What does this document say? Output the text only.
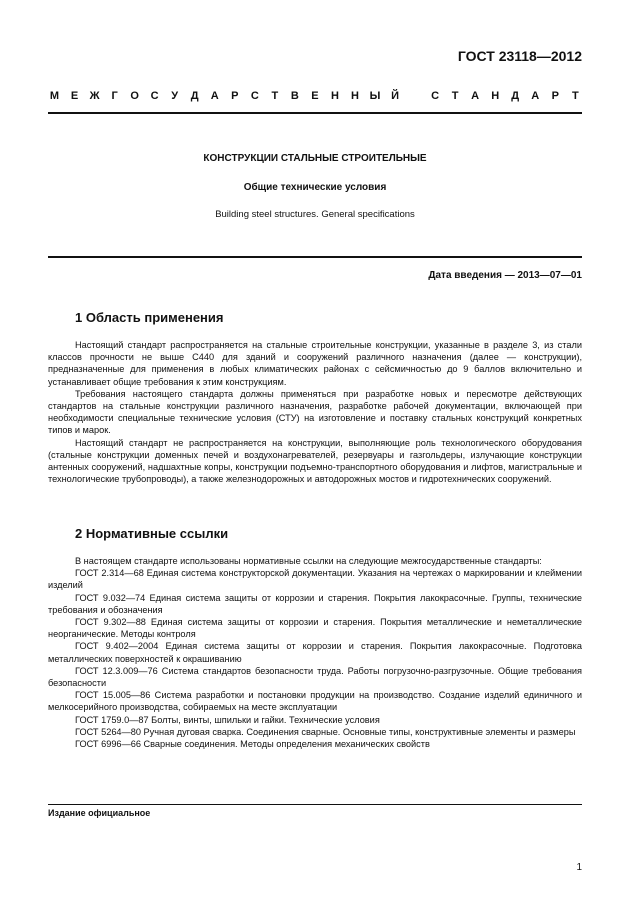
ГОСТ 23118—2012
М Е Ж	Г	О С У Д А Р С Т В Е Н Н Ы Й	С Т А Н Д А Р Т
КОНСТРУКЦИИ СТАЛЬНЫЕ СТРОИТЕЛЬНЫЕ
Общие технические условия
Building steel structures. General specifications
Дата введения — 2013—07—01
1 Область применения

Настоящий стандарт распространяется на стальные строительные конструкции, указанные в разделе 3, из стали классов прочности не выше С440 для зданий и сооружений различного назначения (далее — конструкции), предназначенные для применения в любых климатических районах с сейсмичностью до 9 баллов включительно и устанавливает общие требования к этим конструкциям.

Требования настоящего стандарта должны применяться при разработке новых и пересмотре действующих стандартов на стальные конструкции различного назначения, разработке рабочей документации, включающей при необходимости специальные технические условия (СТУ) на изготовление и поставку стальных конструкций конкретных типов и марок.

Настоящий стандарт не распространяется на конструкции, выполняющие роль технологического оборудования (стальные конструкции доменных печей и воздухонагревателей, резервуары и газгольдеры, излучающие конструкции антенных сооружений, надшахтные копры, конструкции подъемно-транспортного оборудования и лифтов, магистральные и технологические трубопроводы), а также железнодорожных и автодорожных мостов и гидротехнических сооружений.

2 Нормативные ссылки

В настоящем стандарте использованы нормативные ссылки на следующие межгосударственные стандарты:

ГОСТ 2.314—68 Единая система конструкторской документации. Указания на чертежах о маркировании и клеймении изделий

ГОСТ 9.032—74 Единая система защиты от коррозии и старения. Покрытия лакокрасочные. Группы, технические требования и обозначения

ГОСТ 9.302—88 Единая система защиты от коррозии и старения. Покрытия металлические и неметаллические неорганические. Методы контроля

ГОСТ 9.402—2004 Единая система защиты от коррозии и старения. Покрытия лакокрасочные. Подготовка металлических поверхностей к окрашиванию

ГОСТ 12.3.009—76 Система стандартов безопасности труда. Работы погрузочно-разгрузочные. Общие требования безопасности

ГОСТ 15.005—86 Система разработки и постановки продукции на производство. Создание изделий единичного и мелкосерийного производства, собираемых на месте эксплуатации

ГОСТ 1759.0—87 Болты, винты, шпильки и гайки. Технические условия

ГОСТ 5264—80 Ручная дуговая сварка. Соединения сварные. Основные типы, конструктивные элементы и размеры

ГОСТ 6996—66 Сварные соединения. Методы определения механических свойств

Издание официальное
1
